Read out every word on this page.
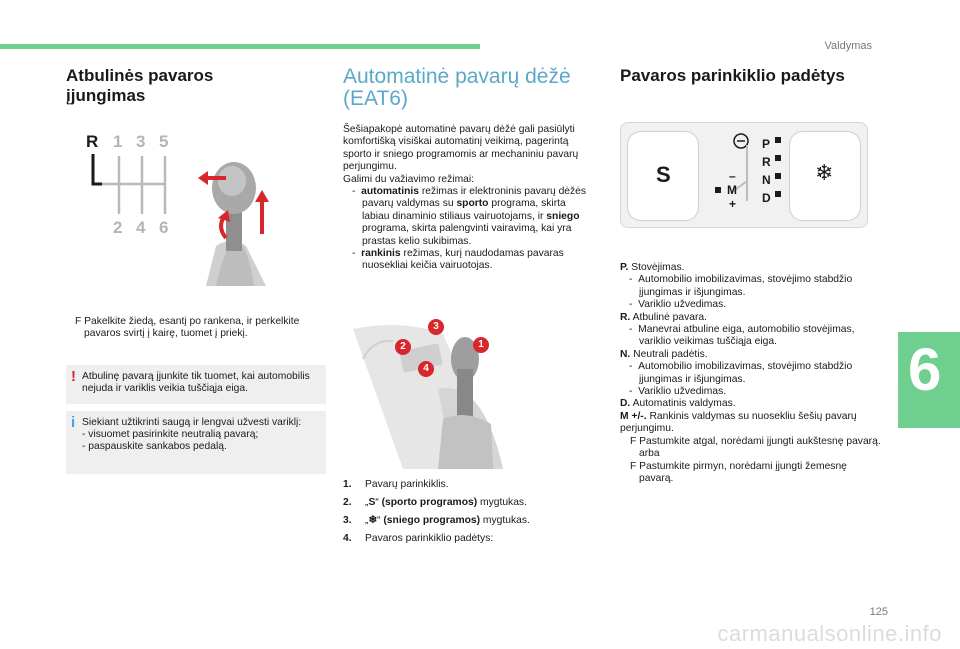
Valdymas
Atbulinės pavaros įjungimas
R 1 3 5
2 4 6

F Pakelkite žiedą, esantį po rankena, ir perkelkite pavaros svirtį į kairę, tuomet į priekį.

! Atbulinę pavarą įjunkite tik tuomet, kai automobilis nejuda ir variklis veikia tuščiąja eiga.
i Siekiant užtikrinti saugą ir lengvai užvesti variklį:

- visuomet pasirinkite neutralią pavarą;

- paspauskite sankabos pedalą.

Automatinė pavarų dėžė
(EAT6)

Šešiapakopė automatinė pavarų dėžė gali pasiūlyti komfortišką visiškai automatinį veikimą, pagerintą sporto ir sniego programomis ar mechaniniu pavarų perjungimu.

Galimi du važiavimo režimai:

-  automatinis režimas ir elektroninis pavarų dėžės pavarų valdymas su sporto programa, skirta labiau dinaminio stiliaus vairuotojams, ir sniego programa, skirta palengvinti vairavimą, kai yra prastas kelio sukibimas.

-  rankinis režimas, kurį naudodamas pavaras nuosekliai keičia vairuotojas.

1
2
3
4
1.	Pavarų parinkiklis.
2.	„S“ (sporto programos) mygtukas.
3.	„❄“ (sniego programos) mygtukas.
4.	Pavaros parinkiklio padėtys:
Pavaros parinkiklio padėtys
S	❄
P
R
N
D
M
–
+

P. Stovėjimas.

-  Automobilio imobilizavimas, stovėjimo stabdžio įjungimas ir išjungimas.

-  Variklio užvedimas.

R. Atbulinė pavara.

-  Manevrai atbuline eiga, automobilio stovėjimas, variklio veikimas tuščiąja eiga.

N. Neutrali padėtis.

-  Automobilio imobilizavimas, stovėjimo stabdžio įjungimas ir išjungimas.

-  Variklio užvedimas.

D. Automatinis valdymas.

M +/-. Rankinis valdymas su nuosekliu šešių pavarų perjungimu.

F Pastumkite atgal, norėdami įjungti aukštesnę pavarą.

arba

F Pastumkite pirmyn, norėdami įjungti žemesnę pavarą.

6
125
carmanualsonline.info
